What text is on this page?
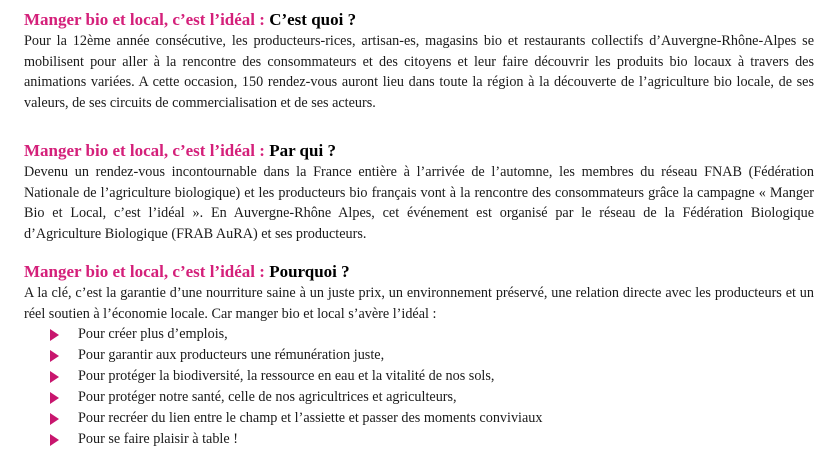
Manger bio et local, c’est l’idéal : C’est quoi ?

Pour la 12ème année consécutive, les producteurs-rices, artisan-es, magasins bio et restaurants collectifs d’Auvergne-Rhône-Alpes se mobilisent pour aller à la rencontre des consommateurs et des citoyens et leur faire découvrir les produits bio locaux à travers des animations variées. A cette occasion, 150 rendez-vous auront lieu dans toute la région à la découverte de l’agriculture bio locale, de ses valeurs, de ses circuits de commercialisation et de ses acteurs.

Manger bio et local, c’est l’idéal : Par qui ?

Devenu un rendez-vous incontournable dans la France entière à l’arrivée de l’automne, les membres du réseau FNAB (Fédération Nationale de l’agriculture biologique) et les producteurs bio français vont à la rencontre des consommateurs grâce la campagne « Manger Bio et Local, c’est l’idéal ». En Auvergne-Rhône Alpes, cet événement est organisé par le réseau de la Fédération Biologique d’Agriculture Biologique (FRAB AuRA) et ses producteurs.

Manger bio et local, c’est l’idéal : Pourquoi ?

A la clé, c’est la garantie d’une nourriture saine à un juste prix, un environnement préservé, une relation directe avec les producteurs et un réel soutien à l’économie locale. Car manger bio et local s’avère l’idéal :

Pour créer plus d’emplois,
Pour garantir aux producteurs une rémunération juste,
Pour protéger la biodiversité, la ressource en eau et la vitalité de nos sols,
Pour protéger notre santé, celle de nos agricultrices et agriculteurs,
Pour recréer du lien entre le champ et l’assiette et passer des moments conviviaux
Pour se faire plaisir à table !
